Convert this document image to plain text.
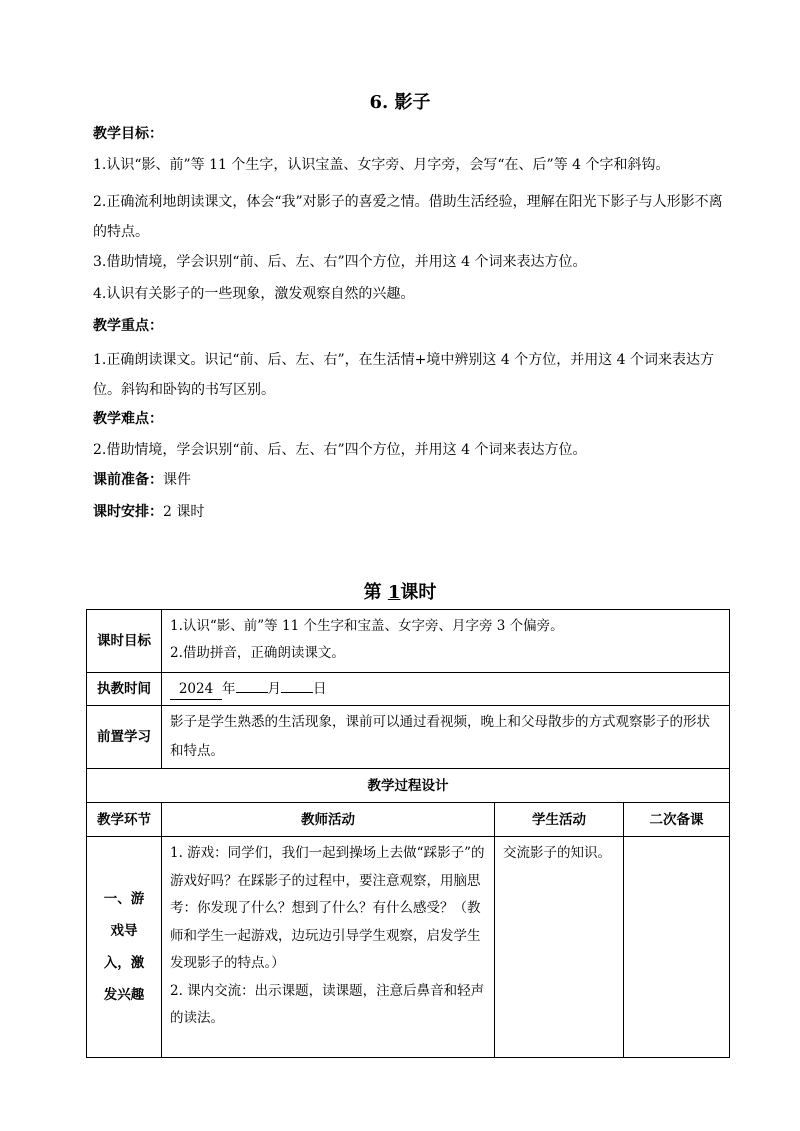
6. 影子
教学目标：
1.认识“影、前”等 11 个生字，认识宝盖、女字旁、月字旁，会写“在、后”等 4 个字和斜钩。
2.正确流利地朗读课文，体会“我”对影子的喜爱之情。借助生活经验，理解在阳光下影子与人形影不离的特点。
3.借助情境，学会识别“前、后、左、右”四个方位，并用这 4 个词来表达方位。
4.认识有关影子的一些现象，激发观察自然的兴趣。
教学重点：
1.正确朗读课文。识记“前、后、左、右”，在生活情+境中辨别这 4 个方位，并用这 4 个词来表达方位。斜钩和卧钩的书写区别。
教学难点：
2.借助情境，学会识别“前、后、左、右”四个方位，并用这 4 个词来表达方位。
课前准备：课件
课时安排：2 课时
第 1课时
课时目标	1.认识“影、前”等 11 个生字和宝盖、女字旁、月字旁 3 个偏旁。
2.借助拼音，正确朗读课文。		

执教时间	2024 年 月 日		
前置学习	影子是学生熟悉的生活现象，课前可以通过看视频，晚上和父母散步的方式观察影子的形状和特点。		
教学过程设计			
教学环节	教师活动	学生活动	二次备课
一、游戏导入，激发兴趣	1. 游戏：同学们，我们一起到操场上去做“踩影子”的游戏好吗？在踩影子的过程中，要注意观察，用脑思考：你发现了什么？想到了什么？有什么感受？（教师和学生一起游戏，边玩边引导学生观察，启发学生发现影子的特点。）
2. 课内交流：出示课题，读课题，注意后鼻音和轻声的读法。	交流影子的知识。	
